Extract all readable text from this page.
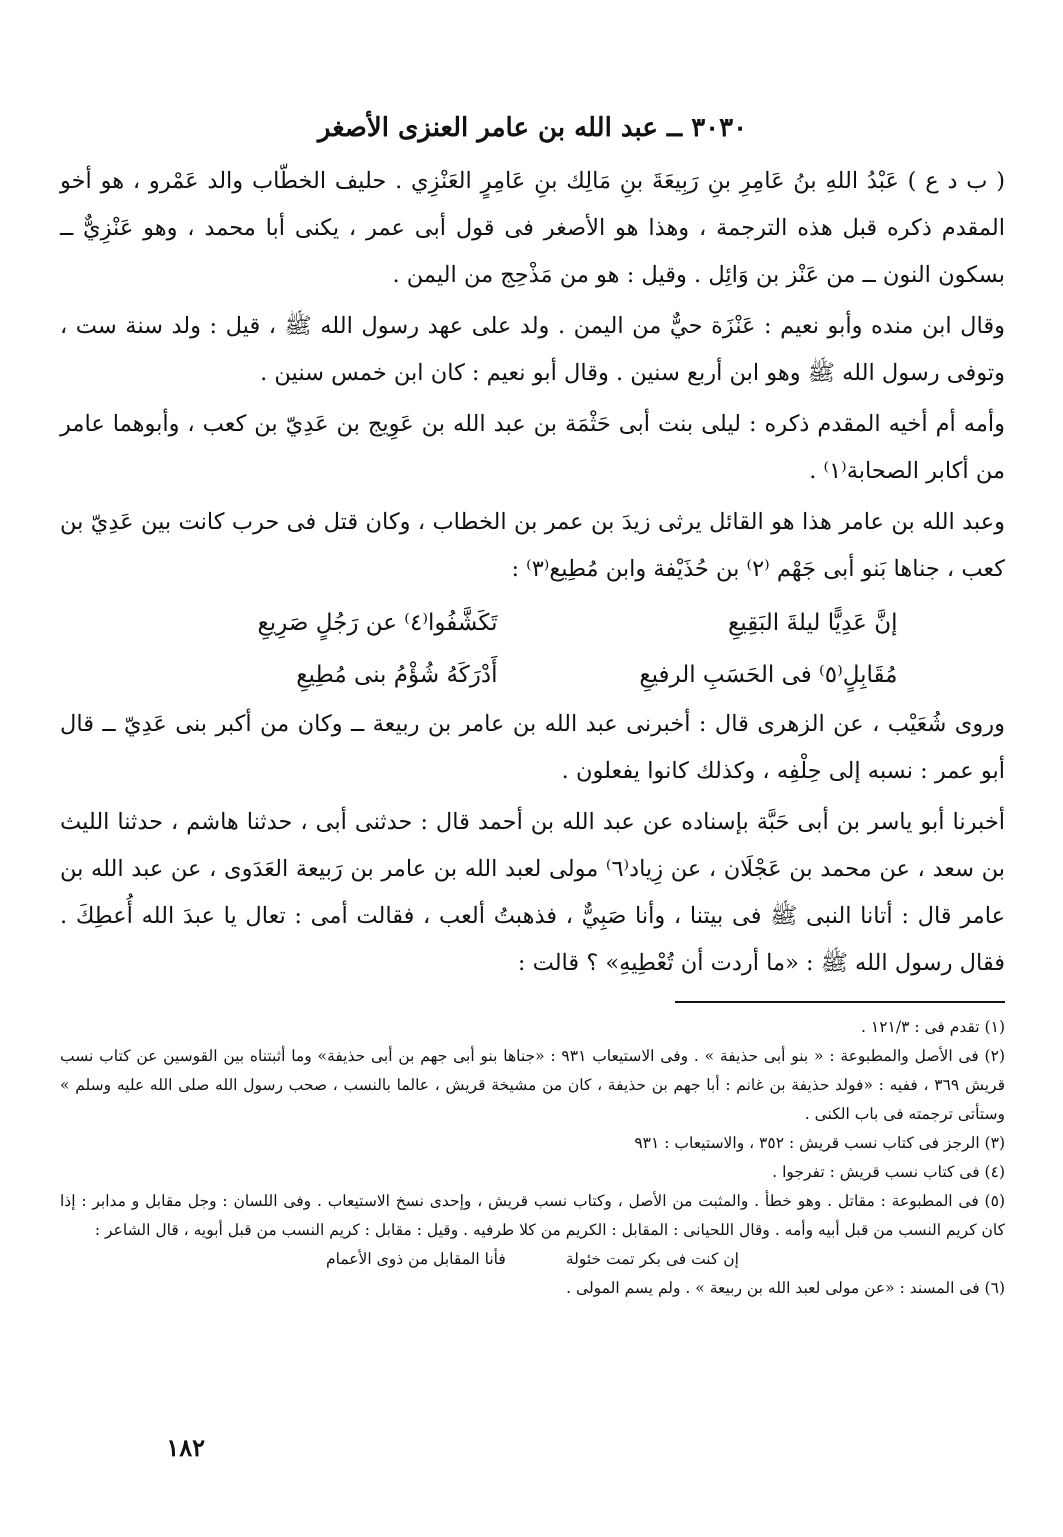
٣٠٣٠ ــ عبد الله بن عامر العنزى الأصغر

( ب د ع ) عَبْدُ اللهِ بنُ عَامِرِ بنِ رَبِيعَةَ بنِ مَالِك بنِ عَامِرٍ العَنْزِي . حليف الخطّاب والد عَمْرو ، هو أخو المقدم ذكره قبل هذه الترجمة ، وهذا هو الأصغر فى قول أبى عمر ، يكنى أبا محمد ، وهو عَنْزِيٌّ ــ بسكون النون ــ من عَنْز بن وَائِل . وقيل : هو من مَذْحِج من اليمن .

وقال ابن منده وأبو نعيم : عَنْزَة حيٌّ من اليمن . ولد على عهد رسول الله ﷺ ، قيل : ولد سنة ست ، وتوفى رسول الله ﷺ وهو ابن أربع سنين . وقال أبو نعيم : كان ابن خمس سنين .

وأمه أم أخيه المقدم ذكره : ليلى بنت أبى حَثْمَة بن عبد الله بن عَوِيج بن عَدِيّ بن كعب ، وأبوهما عامر من أكابر الصحابة⁽١⁾ .

وعبد الله بن عامر هذا هو القائل يرثى زيدَ بن عمر بن الخطاب ، وكان قتل فى حرب كانت بين عَدِيّ بن كعب ، جناها بَنو أبى جَهْم ⁽٢⁾ بن حُذَيْفة وابن مُطِيع⁽٣⁾ :

إنَّ عَدِيًّا ليلةَ البَقِيعِ
تَكَشَّفُوا⁽٤⁾ عن رَجُلٍ صَرِيعِ
مُقَابِلٍ⁽٥⁾ فى الحَسَبِ الرفيعِ
أَدْرَكَهُ شُؤْمُ بنى مُطِيعِ

وروى شُعَيْب ، عن الزهرى قال : أخبرنى عبد الله بن عامر بن ربيعة ــ وكان من أكبر بنى عَدِيّ ــ قال أبو عمر : نسبه إلى حِلْفِه ، وكذلك كانوا يفعلون .

أخبرنا أبو ياسر بن أبى حَبَّة بإسناده عن عبد الله بن أحمد قال : حدثنى أبى ، حدثنا هاشم ، حدثنا الليث بن سعد ، عن محمد بن عَجْلَان ، عن زِياد⁽٦⁾ مولى لعبد الله بن عامر بن رَبيعة العَدَوى ، عن عبد الله بن عامر قال : أتانا النبى ﷺ فى بيتنا ، وأنا صَبِيٌّ ، فذهبتُ ألعب ، فقالت أمى : تعال يا عبدَ الله أُعطِكَ . فقال رسول الله ﷺ : «ما أردت أن تُعْطِيهِ» ؟ قالت :

(١) تقدم فى : ١٢١/٣ .

(٢) فى الأصل والمطبوعة : « بنو أبى حذيفة » . وفى الاستيعاب ٩٣١ : «جناها بنو أبى جهم بن أبى حذيفة» وما أثبتناه بين القوسين عن كتاب نسب قريش ٣٦٩ ، ففيه : «فولد حذيفة بن غانم : أبا جهم بن حذيفة ، كان من مشيخة قريش ، عالما بالنسب ، صحب رسول الله صلى الله عليه وسلم » وستأتى ترجمته فى باب الكنى .

(٣) الرجز فى كتاب نسب قريش : ٣٥٢ ، والاستيعاب : ٩٣١

(٤) فى كتاب نسب قريش : تفرجوا .

(٥) فى المطبوعة : مقاتل . وهو خطأ . والمثبت من الأصل ، وكتاب نسب قريش ، وإحدى نسخ الاستيعاب . وفى اللسان : وجل مقابل و مدابر : إذا كان كريم النسب من قبل أبيه وأمه . وقال اللحيانى : المقابل : الكريم من كلا طرفيه . وقيل : مقابل : كريم النسب من قبل أبويه ، قال الشاعر :

إن كنت فى بكر تمت خئولة
فأنا المقابل من ذوى الأعمام

(٦) فى المسند : «عن مولى لعبد الله بن ربيعة » . ولم يسم المولى .

١٨٢
